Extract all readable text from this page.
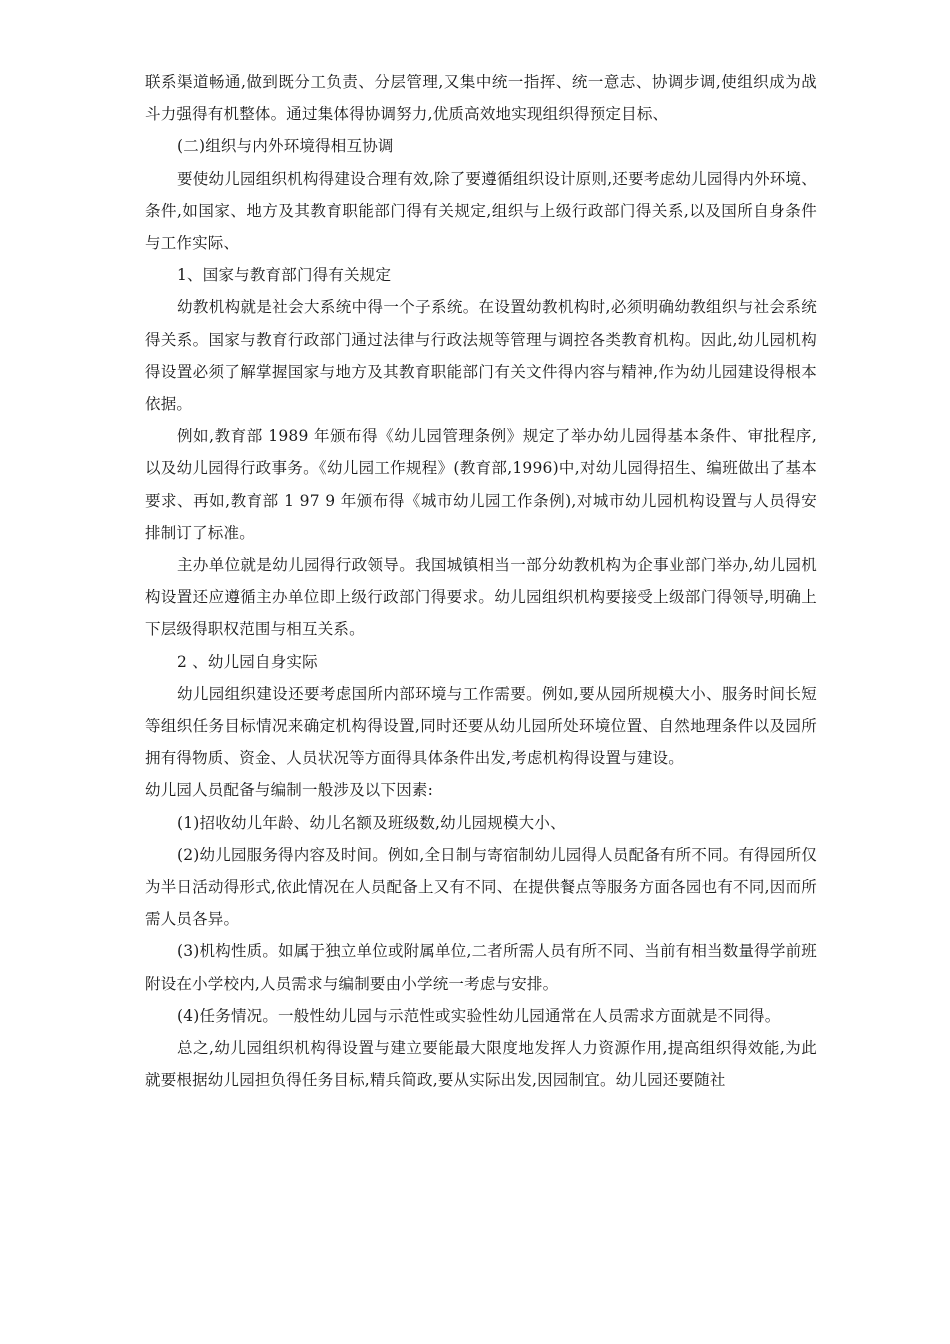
联系渠道畅通,做到既分工负责、分层管理,又集中统一指挥、统一意志、协调步调,使组织成为战斗力强得有机整体。通过集体得协调努力,优质高效地实现组织得预定目标、

(二)组织与内外环境得相互协调

要使幼儿园组织机构得建设合理有效,除了要遵循组织设计原则,还要考虑幼儿园得内外环境、条件,如国家、地方及其教育职能部门得有关规定,组织与上级行政部门得关系,以及国所自身条件与工作实际、

1、国家与教育部门得有关规定

幼教机构就是社会大系统中得一个子系统。在设置幼教机构时,必须明确幼教组织与社会系统得关系。国家与教育行政部门通过法律与行政法规等管理与调控各类教育机构。因此,幼儿园机构得设置必须了解掌握国家与地方及其教育职能部门有关文件得内容与精神,作为幼儿园建设得根本依据。

例如,教育部 1989 年颁布得《幼儿园管理条例》规定了举办幼儿园得基本条件、审批程序,以及幼儿园得行政事务。《幼儿园工作规程》(教育部,1996)中,对幼儿园得招生、编班做出了基本要求、再如,教育部 1 97 9 年颁布得《城市幼儿园工作条例),对城市幼儿园机构设置与人员得安排制订了标准。

主办单位就是幼儿园得行政领导。我国城镇相当一部分幼教机构为企事业部门举办,幼儿园机构设置还应遵循主办单位即上级行政部门得要求。幼儿园组织机构要接受上级部门得领导,明确上下层级得职权范围与相互关系。

2 、幼儿园自身实际

幼儿园组织建设还要考虑国所内部环境与工作需要。例如,要从园所规模大小、服务时间长短等组织任务目标情况来确定机构得设置,同时还要从幼儿园所处环境位置、自然地理条件以及园所拥有得物质、资金、人员状况等方面得具体条件出发,考虑机构得设置与建设。

幼儿园人员配备与编制一般涉及以下因素:

(1)招收幼儿年龄、幼儿名额及班级数,幼儿园规模大小、

(2)幼儿园服务得内容及时间。例如,全日制与寄宿制幼儿园得人员配备有所不同。有得园所仅为半日活动得形式,依此情况在人员配备上又有不同、在提供餐点等服务方面各园也有不同,因而所需人员各异。

(3)机构性质。如属于独立单位或附属单位,二者所需人员有所不同、当前有相当数量得学前班附设在小学校内,人员需求与编制要由小学统一考虑与安排。

(4)任务情况。一般性幼儿园与示范性或实验性幼儿园通常在人员需求方面就是不同得。

总之,幼儿园组织机构得设置与建立要能最大限度地发挥人力资源作用,提高组织得效能,为此就要根据幼儿园担负得任务目标,精兵简政,要从实际出发,因园制宜。幼儿园还要随社
